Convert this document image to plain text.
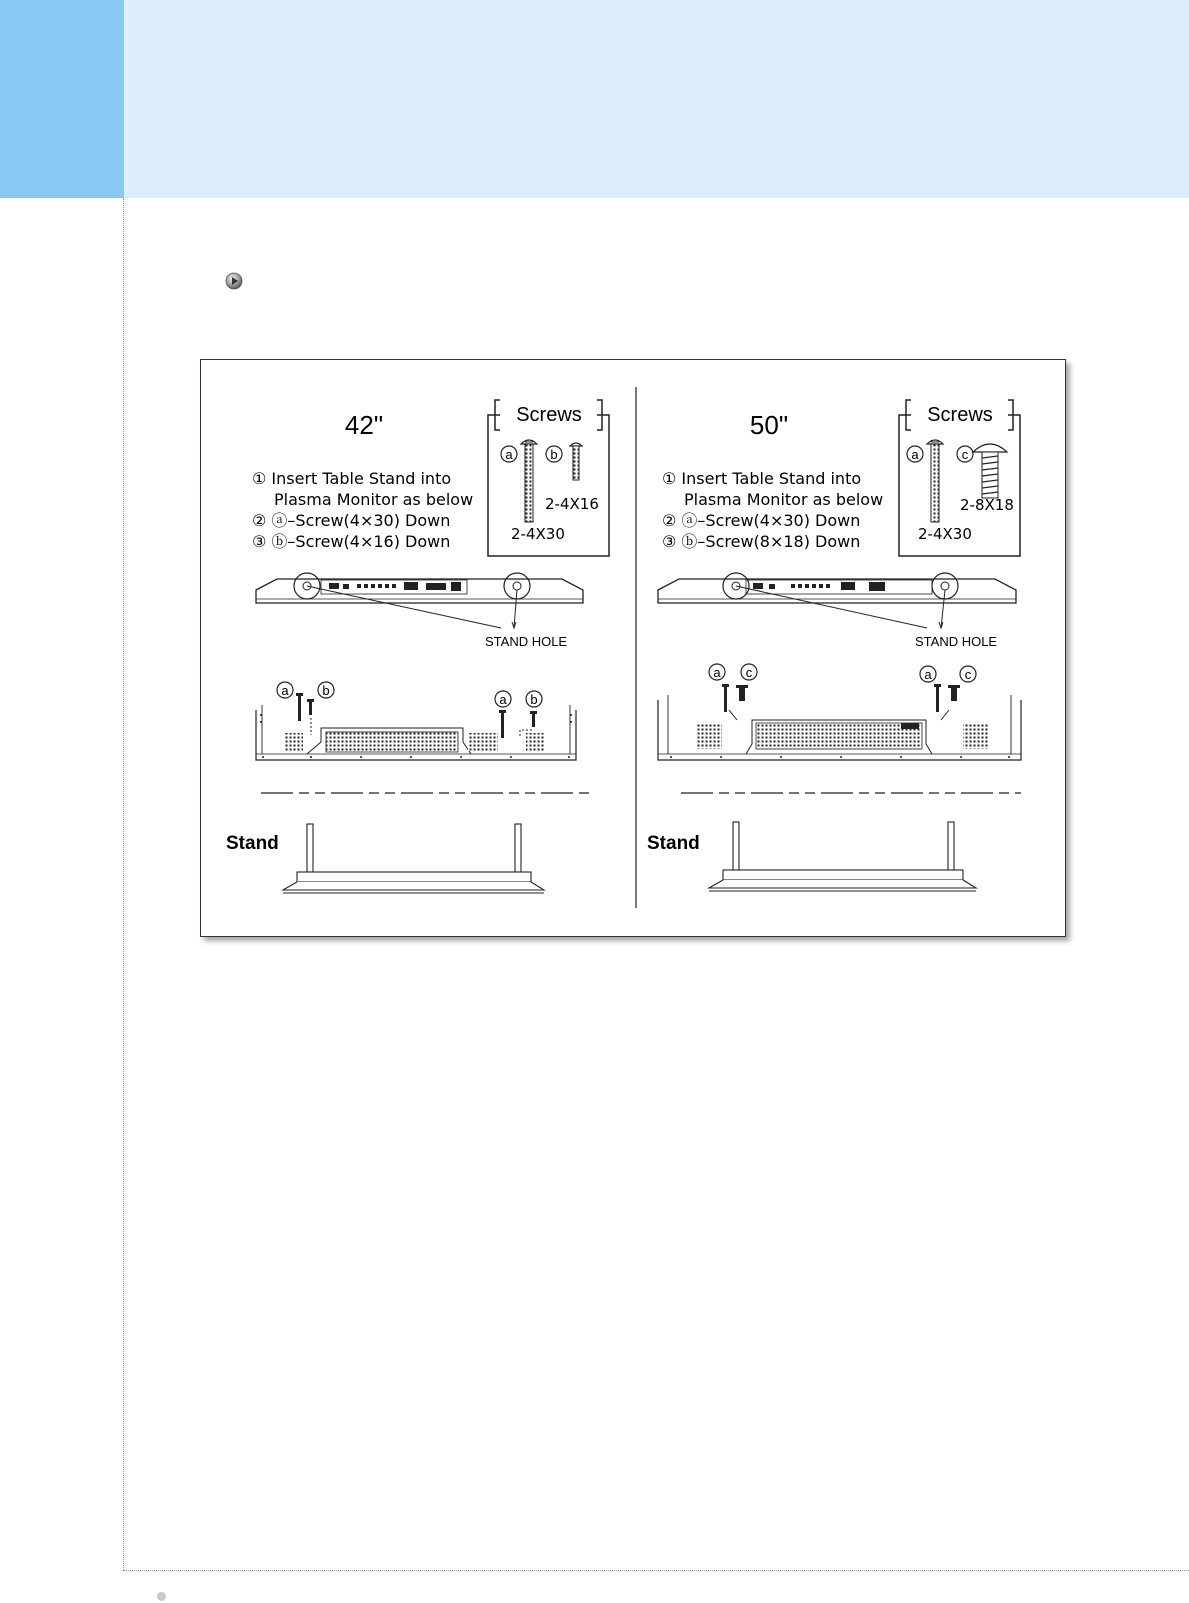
42"
① Insert Table Stand into
Plasma Monitor as below
② ⓐ–Screw(4×30) Down
③ ⓑ–Screw(4×16) Down
Screws
a	b
2-4X16
2-4X30
STAND HOLE
a	b
a b
Stand
50"
① Insert Table Stand into
Plasma Monitor as below
② ⓐ–Screw(4×30) Down
③ ⓑ–Screw(8×18) Down
Screws
a	c
2-8X18
2-4X30
STAND HOLE
a c	a	c
Stand
